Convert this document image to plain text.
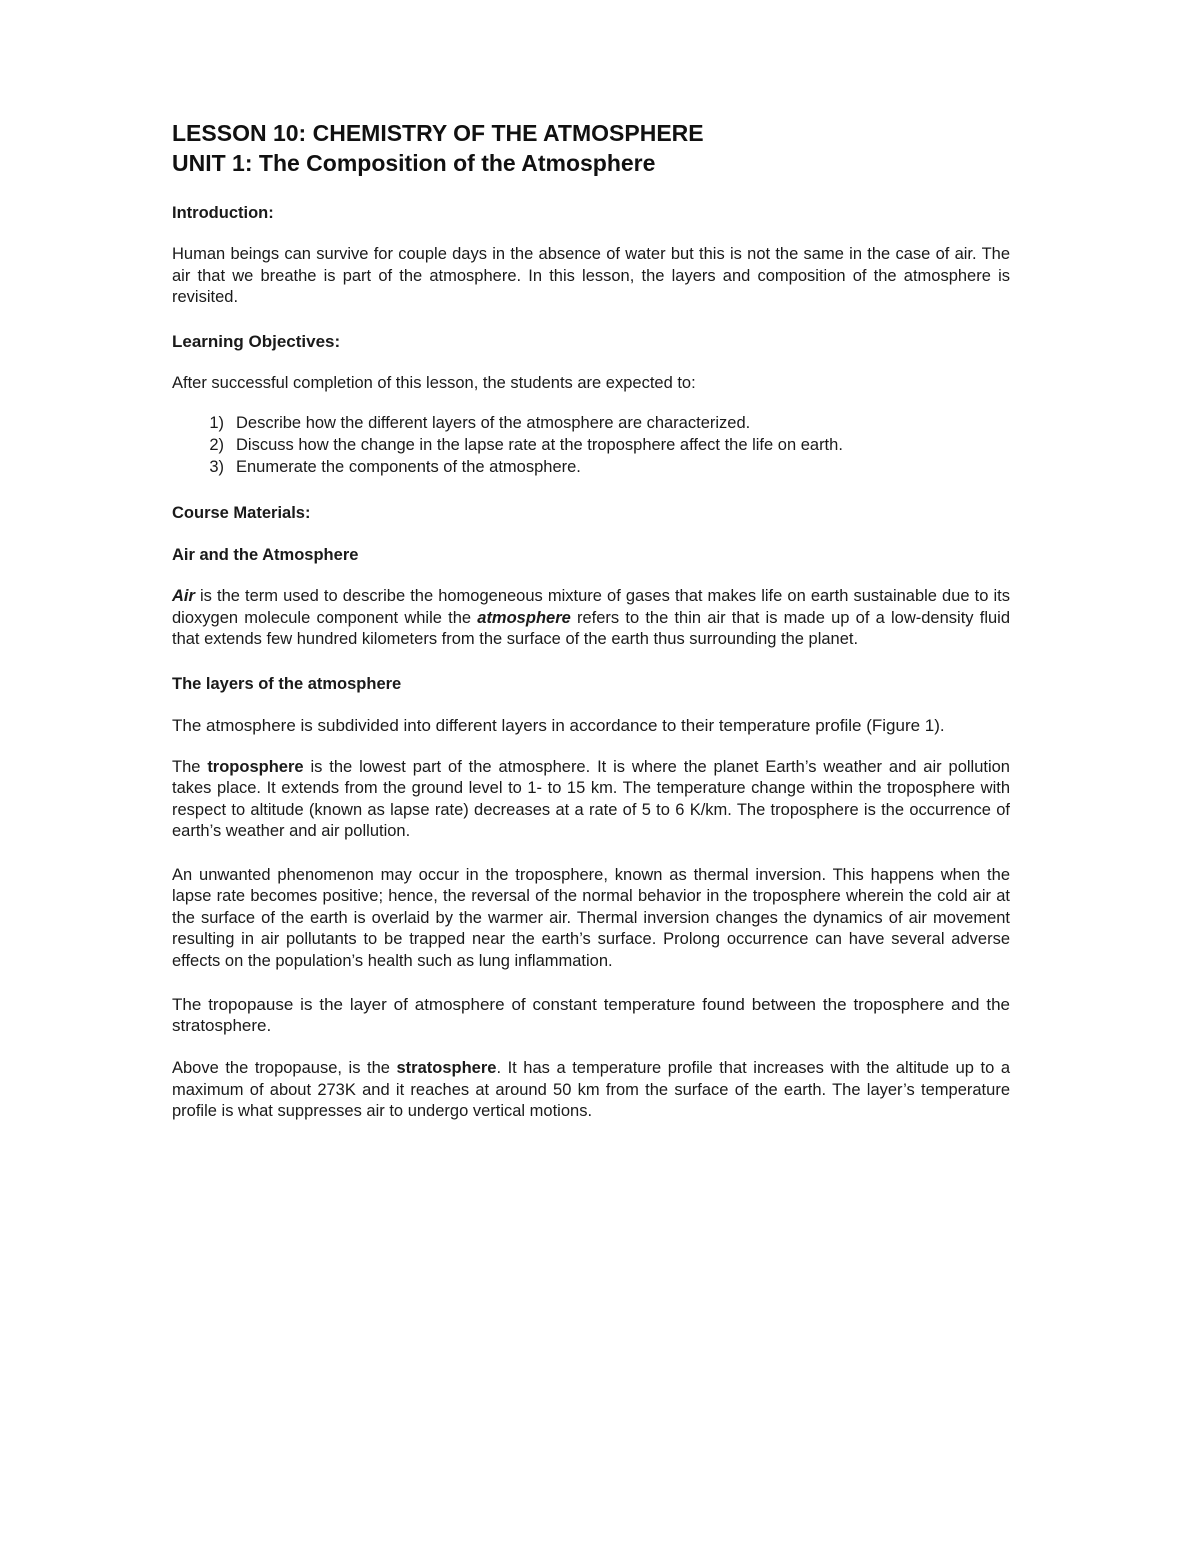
LESSON 10: CHEMISTRY OF THE ATMOSPHERE
UNIT 1: The Composition of the Atmosphere

Introduction:

Human beings can survive for couple days in the absence of water but this is not the same in the case of air. The air that we breathe is part of the atmosphere. In this lesson, the layers and composition of the atmosphere is revisited.

Learning Objectives:

After successful completion of this lesson, the students are expected to:

1) Describe how the different layers of the atmosphere are characterized.
2) Discuss how the change in the lapse rate at the troposphere affect the life on earth.
3) Enumerate the components of the atmosphere.

Course Materials:

Air and the Atmosphere

Air is the term used to describe the homogeneous mixture of gases that makes life on earth sustainable due to its dioxygen molecule component while the atmosphere refers to the thin air that is made up of a low-density fluid that extends few hundred kilometers from the surface of the earth thus surrounding the planet.

The layers of the atmosphere

The atmosphere is subdivided into different layers in accordance to their temperature profile (Figure 1).

The troposphere is the lowest part of the atmosphere. It is where the planet Earth’s weather and air pollution takes place. It extends from the ground level to 1- to 15 km. The temperature change within the troposphere with respect to altitude (known as lapse rate) decreases at a rate of 5 to 6 K/km. The troposphere is the occurrence of earth’s weather and air pollution.

An unwanted phenomenon may occur in the troposphere, known as thermal inversion. This happens when the lapse rate becomes positive; hence, the reversal of the normal behavior in the troposphere wherein the cold air at the surface of the earth is overlaid by the warmer air. Thermal inversion changes the dynamics of air movement resulting in air pollutants to be trapped near the earth’s surface. Prolong occurrence can have several adverse effects on the population’s health such as lung inflammation.

The tropopause is the layer of atmosphere of constant temperature found between the troposphere and the stratosphere.

Above the tropopause, is the stratosphere. It has a temperature profile that increases with the altitude up to a maximum of about 273K and it reaches at around 50 km from the surface of the earth. The layer’s temperature profile is what suppresses air to undergo vertical motions.
